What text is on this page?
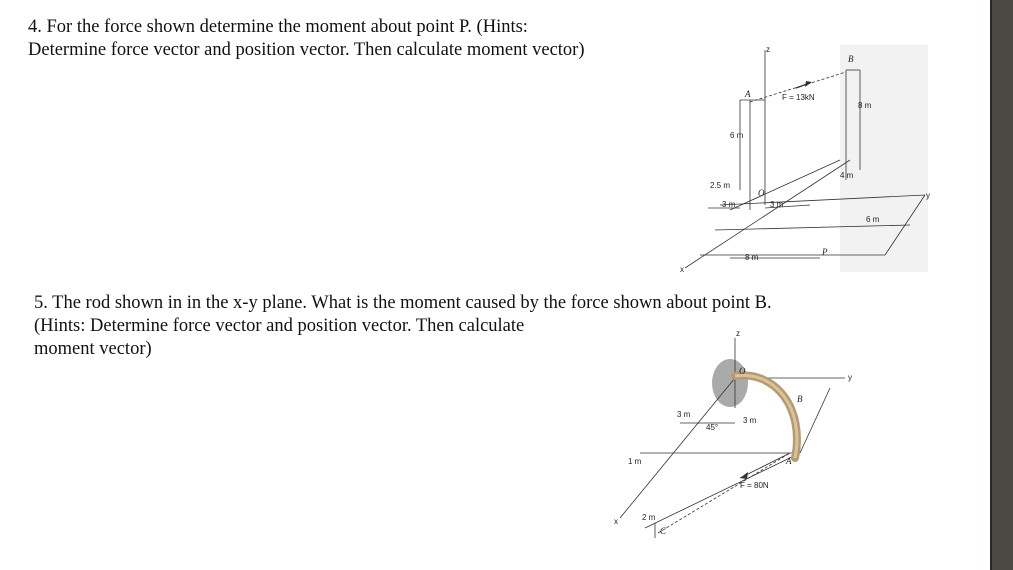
4. For the force shown determine the moment about point P. (Hints:
Determine force vector and position vector. Then calculate moment vector)	z
x
y
A
B
O
P
F = 13kN
6 m
2.5 m
3 m	3 m
8 m
4 m
8 m
6 m
5. The rod shown in in the x-y plane. What is the moment caused by the force shown about point B.
(Hints: Determine force vector and position vector. Then calculate
moment vector)
z
x
y
O
B
A
C
F = 80N
3 m
3 m
1 m
2 m
45°
